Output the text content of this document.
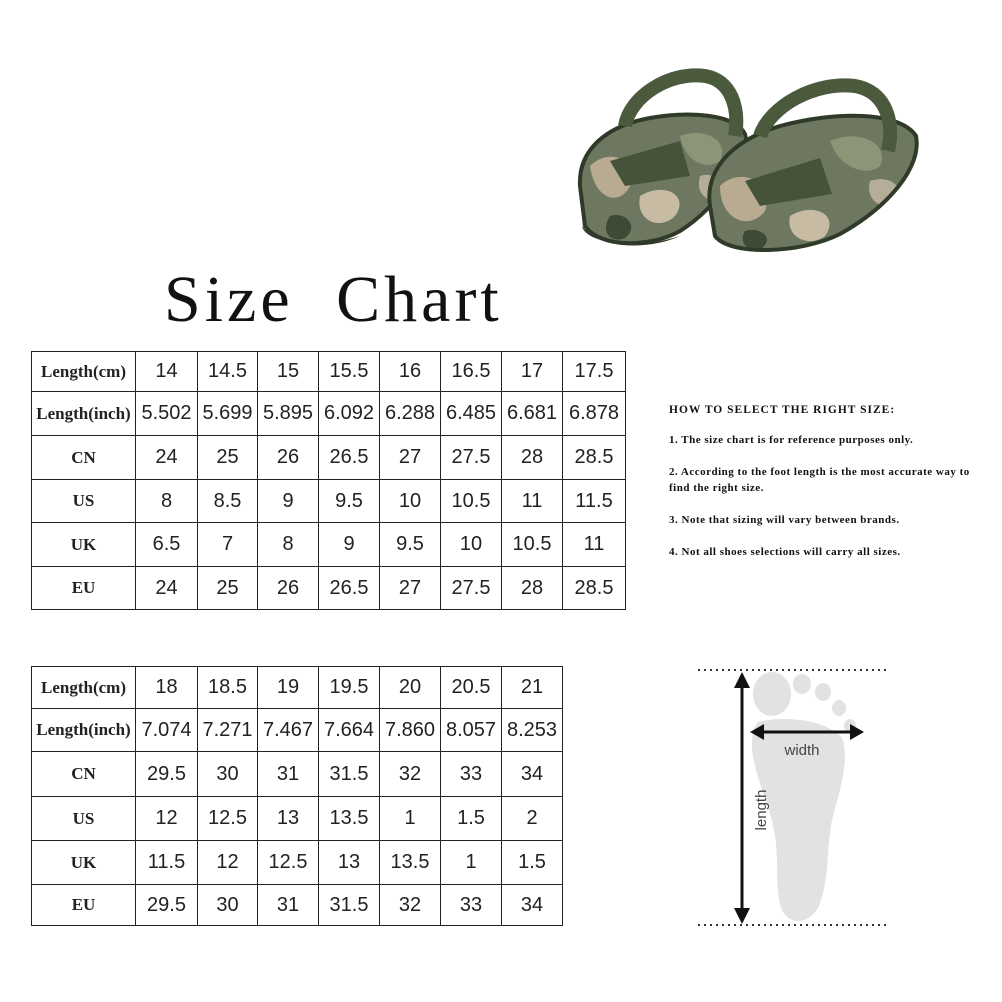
Size Chart
Length(cm)	14	14.5	15	15.5	16	16.5	17	17.5
Length(inch)	5.502	5.699	5.895	6.092	6.288	6.485	6.681	6.878
CN	24	25	26	26.5	27	27.5	28	28.5
US	8	8.5	9	9.5	10	10.5	11	11.5
UK	6.5	7	8	9	9.5	10	10.5	11
EU	24	25	26	26.5	27	27.5	28	28.5
Length(cm)	18	18.5	19	19.5	20	20.5	21
Length(inch)	7.074	7.271	7.467	7.664	7.860	8.057	8.253
CN	29.5	30	31	31.5	32	33	34
US	12	12.5	13	13.5	1	1.5	2
UK	11.5	12	12.5	13	13.5	1	1.5
EU	29.5	30	31	31.5	32	33	34
HOW TO SELECT THE RIGHT SIZE:
1. The size chart is for reference purposes only.
2. According to the foot length is the most accurate way to find the right size.
3. Note that sizing will vary between brands.
4. Not all shoes selections will carry all sizes.
width
length
